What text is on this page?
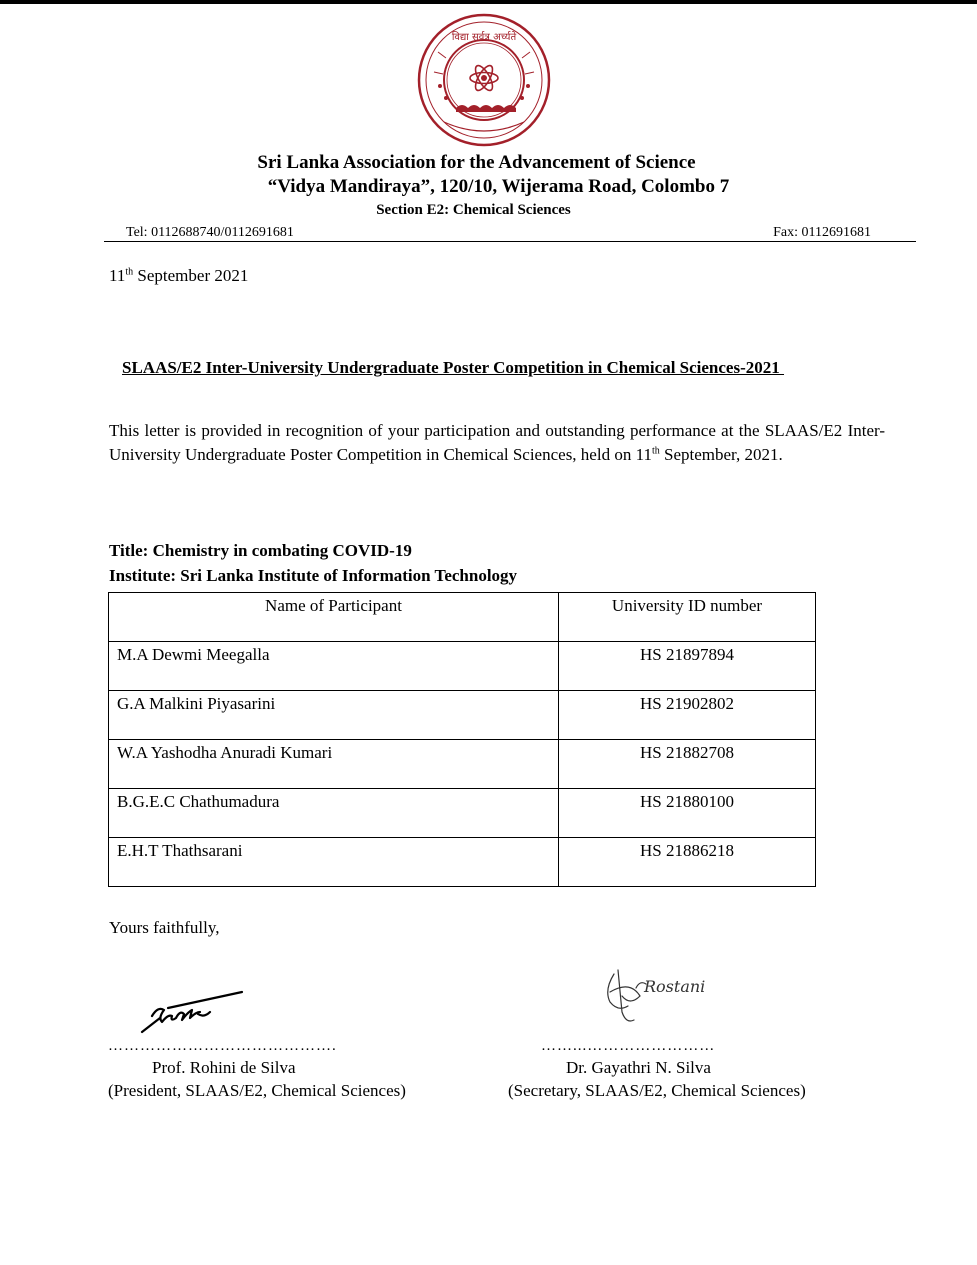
विद्या सर्वत्र अर्च्यते
Sri Lanka Association for the Advancement of Science
“Vidya Mandiraya”, 120/10, Wijerama Road, Colombo 7
Section E2: Chemical Sciences
Tel: 0112688740/0112691681	Fax: 0112691681
11th September 2021
SLAAS/E2 Inter-University Undergraduate Poster Competition in Chemical Sciences-2021
This letter is provided in recognition of your participation and outstanding performance at the SLAAS/E2 Inter-University Undergraduate Poster Competition in Chemical Sciences, held on 11th September, 2021.
Title: Chemistry in combating COVID-19
Institute: Sri Lanka Institute of Information Technology
Name of Participant	University ID number
M.A Dewmi Meegalla	HS 21897894
G.A Malkini Piyasarini	HS 21902802
W.A Yashodha Anuradi Kumari	HS 21882708
B.G.E.C Chathumadura	HS 21880100
E.H.T Thathsarani	HS 21886218
Yours faithfully,
Rostani
…………………………………….	……...……………………
Prof. Rohini de Silva
(President, SLAAS/E2, Chemical Sciences)
Dr. Gayathri N. Silva
(Secretary, SLAAS/E2, Chemical Sciences)
